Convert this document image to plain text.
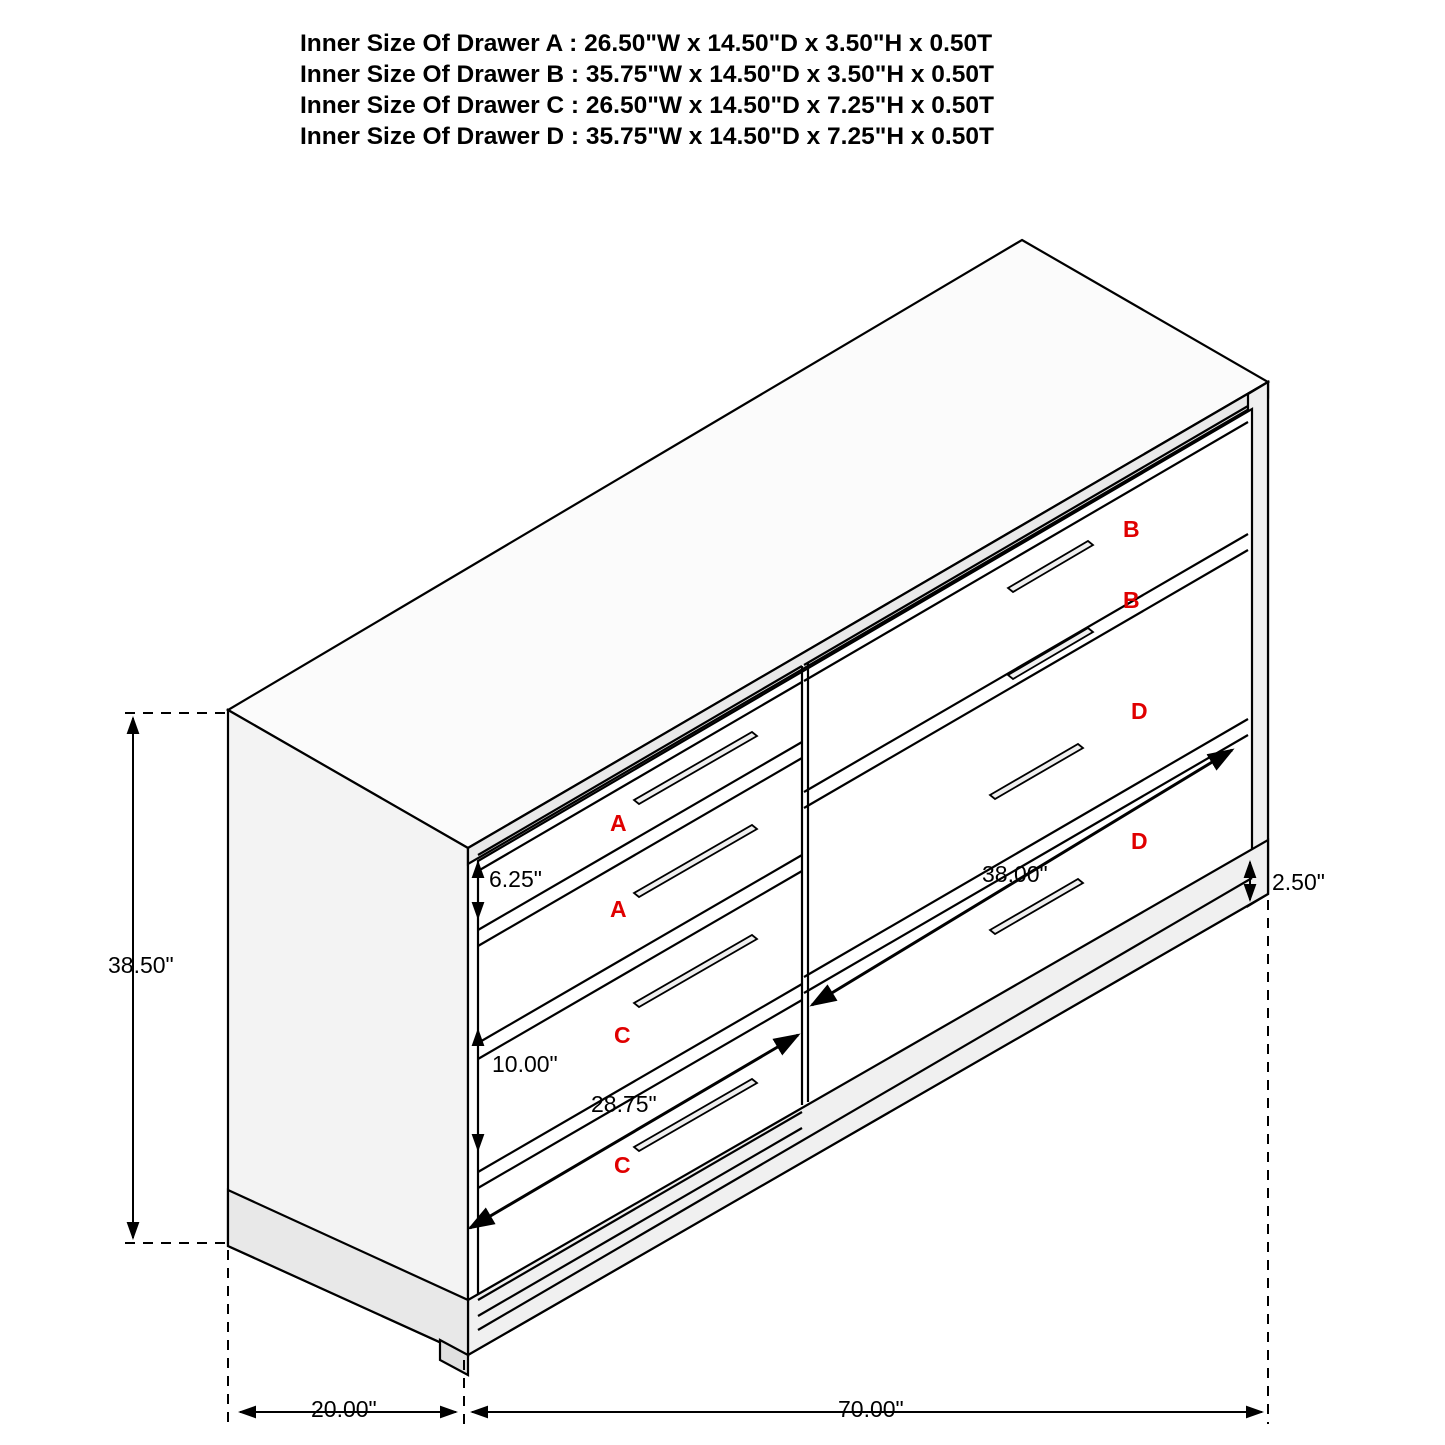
Inner Size Of Drawer A : 26.50"W x 14.50"D x 3.50"H x 0.50T
Inner Size Of Drawer B : 35.75"W x 14.50"D x 3.50"H x 0.50T
Inner Size Of Drawer C : 26.50"W x 14.50"D x 7.25"H x 0.50T
Inner Size Of Drawer D : 35.75"W x 14.50"D x 7.25"H x 0.50T
38.50"
6.25"
10.00"
2.50"
20.00"	70.00"
28.75"
38.00"
B
B
D
D
A
A
C
C
